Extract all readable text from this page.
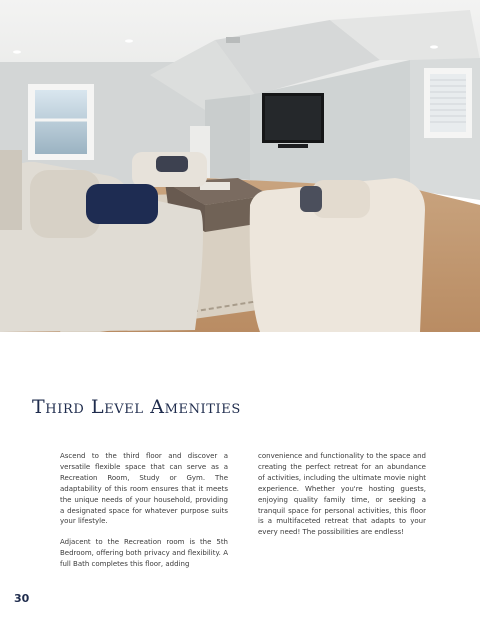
Third Level Amenities

Ascend to the third floor and discover a versatile flexible space that can serve as a Recreation Room, Study or Gym. The adaptability of this room ensures that it meets the unique needs of your household, providing a designated space for whatever purpose suits your lifestyle.

Adjacent to the Recreation room is the 5th Bedroom, offering both privacy and flexibility. A full Bath completes this floor, adding

convenience and functionality to the space and creating the perfect retreat for an abundance of activities, including the ultimate movie night experience. Whether you're hosting guests, enjoying quality family time, or seeking a tranquil space for personal activities, this floor is a multifaceted retreat that adapts to your every need! The possibilities are endless!

30
